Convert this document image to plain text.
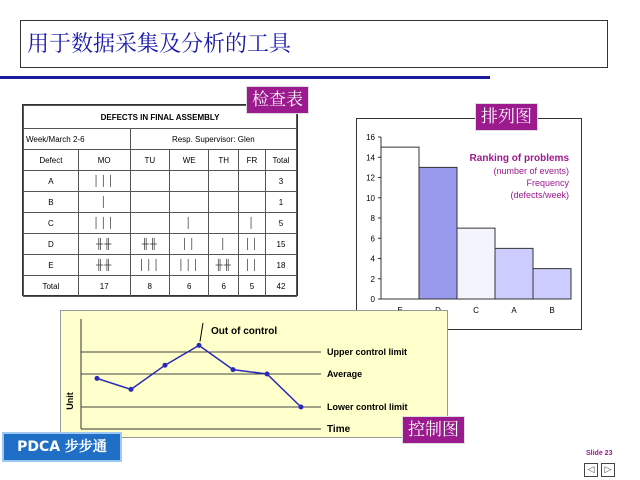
用于数据采集及分析的工具
DEFECTS IN FINAL ASSEMBLY						
Week/March 2-6		Resp. Supervisor: Glen				
Defect	MO	TU	WE	TH	FR	Total
A	│││					3
B	│					1
C	│││		│		│	5
D	╫╫	╫╫	││	│	││	15
E	╫╫	│││	│││	╫╫	││	18
Total	17	8	6	6	5	42
检查表
0
2
4
6
8
10
12
14
16
C	A	B
Ranking of problems
(number of events)
Frequency
(defects/week)
排列图
Unit
Time
Upper control limit
Average
Lower control limit
Out of control
控制图
PDCA 步步通	Slide 23
◁	▷
